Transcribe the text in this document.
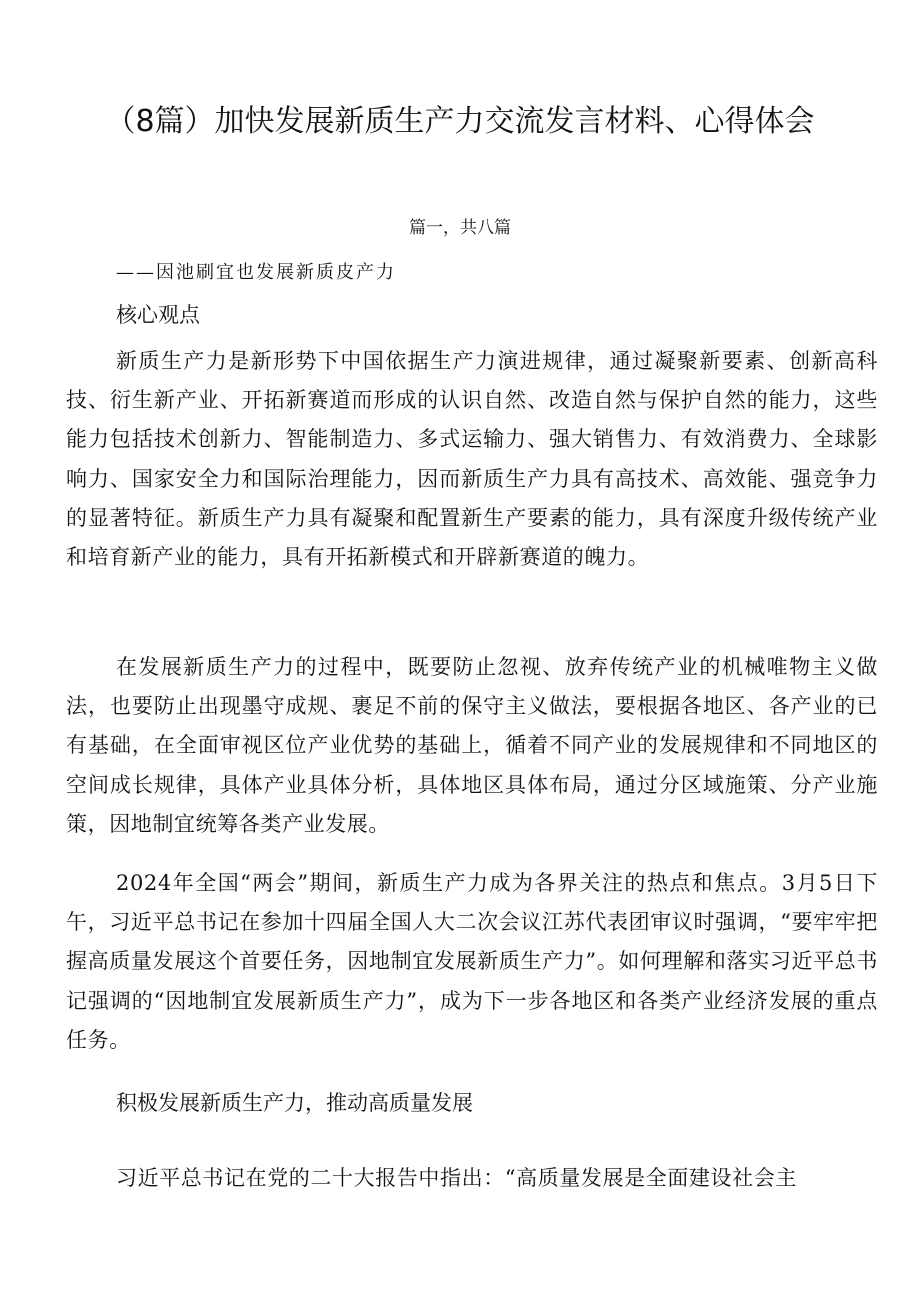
（8篇）加快发展新质生产力交流发言材料、心得体会
篇一，共八篇
——因池刷宜也发展新质皮产力
核心观点

新质生产力是新形势下中国依据生产力演进规律，通过凝聚新要素、创新高科技、衍生新产业、开拓新赛道而形成的认识自然、改造自然与保护自然的能力，这些能力包括技术创新力、智能制造力、多式运输力、强大销售力、有效消费力、全球影响力、国家安全力和国际治理能力，因而新质生产力具有高技术、高效能、强竞争力的显著特征。新质生产力具有凝聚和配置新生产要素的能力，具有深度升级传统产业和培育新产业的能力，具有开拓新模式和开辟新赛道的魄力。

在发展新质生产力的过程中，既要防止忽视、放弃传统产业的机械唯物主义做法，也要防止出现墨守成规、裹足不前的保守主义做法，要根据各地区、各产业的已有基础，在全面审视区位产业优势的基础上，循着不同产业的发展规律和不同地区的空间成长规律，具体产业具体分析，具体地区具体布局，通过分区域施策、分产业施策，因地制宜统筹各类产业发展。

2024年全国“两会”期间，新质生产力成为各界关注的热点和焦点。3月5日下午，习近平总书记在参加十四届全国人大二次会议江苏代表团审议时强调，“要牢牢把握高质量发展这个首要任务，因地制宜发展新质生产力”。如何理解和落实习近平总书记强调的“因地制宜发展新质生产力”，成为下一步各地区和各类产业经济发展的重点任务。

积极发展新质生产力，推动高质量发展

习近平总书记在党的二十大报告中指出：“高质量发展是全面建设社会主
